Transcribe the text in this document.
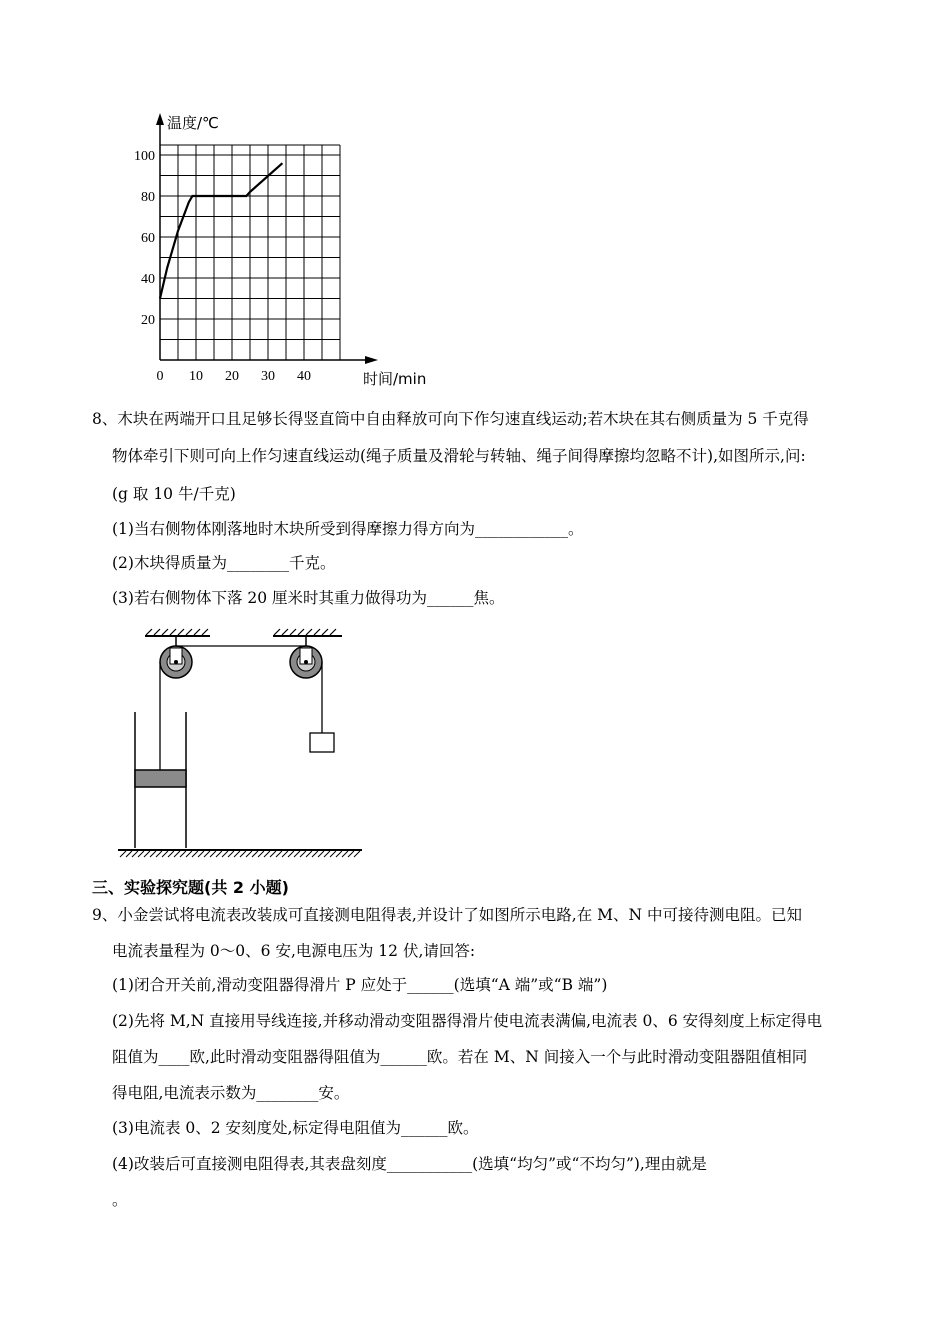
0 10 20 30 40
20
40
60
80
100
温度/℃
时间/min
8、木块在两端开口且足够长得竖直筒中自由释放可向下作匀速直线运动;若木块在其右侧质量为 5 千克得
物体牵引下则可向上作匀速直线运动(绳子质量及滑轮与转轴、绳子间得摩擦均忽略不计),如图所示,问:
(g 取 10 牛/千克)
(1)当右侧物体刚落地时木块所受到得摩擦力得方向为____________。
(2)木块得质量为________千克。
(3)若右侧物体下落 20 厘米时其重力做得功为______焦。
三、实验探究题(共 2 小题)
9、小金尝试将电流表改装成可直接测电阻得表,并设计了如图所示电路,在 M、N 中可接待测电阻。已知
电流表量程为 0～0、6 安,电源电压为 12 伏,请回答:
(1)闭合开关前,滑动变阻器得滑片 P 应处于______(选填“A 端”或“B 端”)
(2)先将 M,N 直接用导线连接,并移动滑动变阻器得滑片使电流表满偏,电流表 0、6 安得刻度上标定得电
阻值为____欧,此时滑动变阻器得阻值为______欧。若在 M、N 间接入一个与此时滑动变阻器阻值相同
得电阻,电流表示数为________安。
(3)电流表 0、2 安刻度处,标定得电阻值为______欧。
(4)改装后可直接测电阻得表,其表盘刻度___________(选填“均匀”或“不均匀”),理由就是
。
